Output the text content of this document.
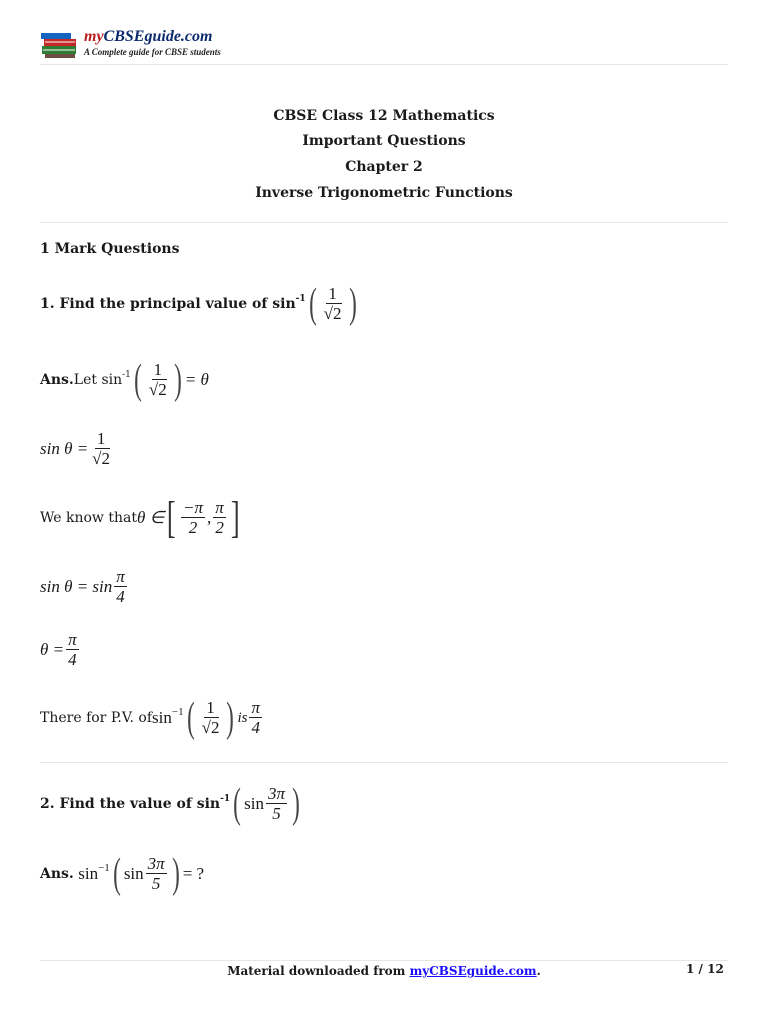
myCBSEguide.com
A Complete guide for CBSE students
CBSE Class 12 Mathematics
Important Questions
Chapter 2
Inverse Trigonometric Functions
1 Mark Questions
1. Find the principal value of $\sin^{-1}$ ( $\frac{1}{√2}$ )
Ans. Let $\sin^{-1}$ ( $\frac{1}{√2}$ ) = θ
$\sin \theta = \frac{1}{√2}$
We know that θ ∈ [ $\frac{-\pi}{2}$ , $\frac{\pi}{2}$ ]
$\sin \theta = \sin \frac{\pi}{4}$
$\theta = \frac{\pi}{4}$
There for P.V. of $\sin^{-1}$ ( $\frac{1}{√2}$ ) is $\frac{\pi}{4}$
2. Find the value of $\sin^{-1}$ ( $\sin \frac{3\pi}{5}$ )
Ans.
$\sin^{-1}$ ( $\sin \frac{3\pi}{5}$ ) = ?
Material downloaded from myCBSEguide.com.	1 / 12
